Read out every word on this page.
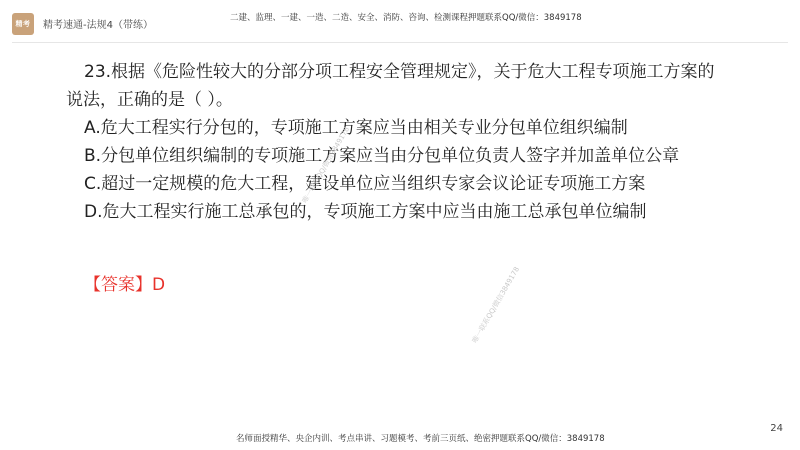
精考	精考速通-法规4（带练）
二建、监理、一建、一造、二造、安全、消防、咨询、检测课程押题联系QQ/微信：3849178
23.根据《危险性较大的分部分项工程安全管理规定》，关于危大工程专项施工方案的说法，正确的是（ ）。
A.危大工程实行分包的，专项施工方案应当由相关专业分包单位组织编制
B.分包单位组织编制的专项施工方案应当由分包单位负责人签字并加盖单位公章
C.超过一定规模的危大工程，建设单位应当组织专家会议论证专项施工方案
D.危大工程实行施工总承包的，专项施工方案中应当由施工总承包单位编制
【答案】D
唯一联系QQ/微信3849178
唯一联系QQ/微信3849178
24
名师面授精华、央企内训、考点串讲、习题模考、考前三页纸、绝密押题联系QQ/微信：3849178
